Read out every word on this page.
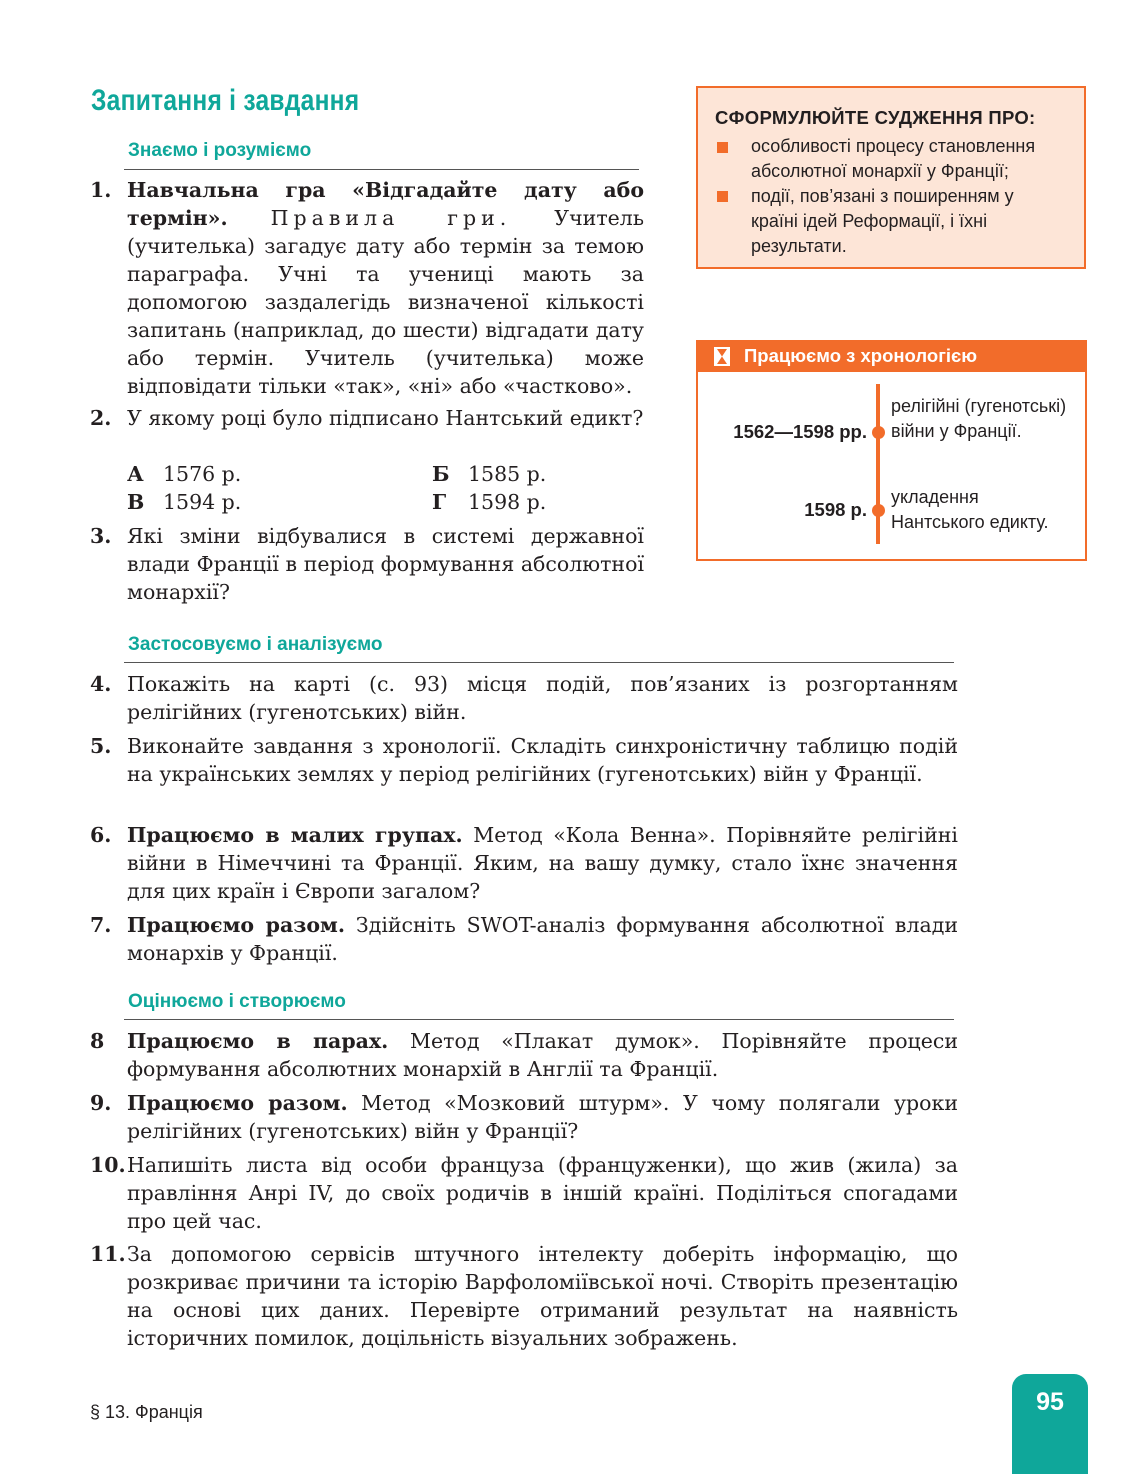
Запитання і завдання
СФОРМУЛЮЙТЕ СУДЖЕННЯ ПРО:
особливості процесу становлення абсолютної монархії у Франції;
події, пов’язані з поширенням у країні ідей Реформації, і їхні результати.
Працюємо з хронологією
1562—1598 рр.
релігійні (гугенотські) війни у Франції.
1598 р.
укладення Нантського едикту.
Знаємо і розуміємо
1. Навчальна гра «Відгадайте дату або термін». Правила гри. Учитель (учителька) загадує дату або термін за темою параграфа. Учні та учениці мають за допомогою заздалегідь визначеної кількості запитань (наприклад, до шести) відгадати дату або термін. Учитель (учителька) може відповідати тільки «так», «ні» або «частково».
2. У якому році було підписано Нантський едикт?
А 1576 р.	Б 1585 р.
В 1594 р.	Г 1598 р.
3. Які зміни відбувалися в системі державної влади Франції в період формування абсолютної монархії?
Застосовуємо і аналізуємо
4. Покажіть на карті (с. 93) місця подій, пов’язаних із розгортанням релігійних (гугенотських) війн.
5. Виконайте завдання з хронології. Складіть синхроністичну таблицю подій на українських землях у період релігійних (гугенотських) війн у Франції.
6. Працюємо в малих групах. Метод «Кола Венна». Порівняйте релігійні війни в Німеччині та Франції. Яким, на вашу думку, стало їхнє значення для цих країн і Європи загалом?
7. Працюємо разом. Здійсніть SWOT-аналіз формування абсолютної влади монархів у Франції.
Оцінюємо і створюємо
8 Працюємо в парах. Метод «Плакат думок». Порівняйте процеси формування абсолютних монархій в Англії та Франції.
9. Працюємо разом. Метод «Мозковий штурм». У чому полягали уроки релігійних (гугенотських) війн у Франції?
10. Напишіть листа від особи француза (француженки), що жив (жила) за правління Анрі IV, до своїх родичів в іншій країні. Поділіться спогадами про цей час.
11. За допомогою сервісів штучного інтелекту доберіть інформацію, що розкриває причини та історію Варфоломіївської ночі. Створіть презентацію на основі цих даних. Перевірте отриманий результат на наявність історичних помилок, доцільність візуальних зображень.
§ 13. Франція	95
